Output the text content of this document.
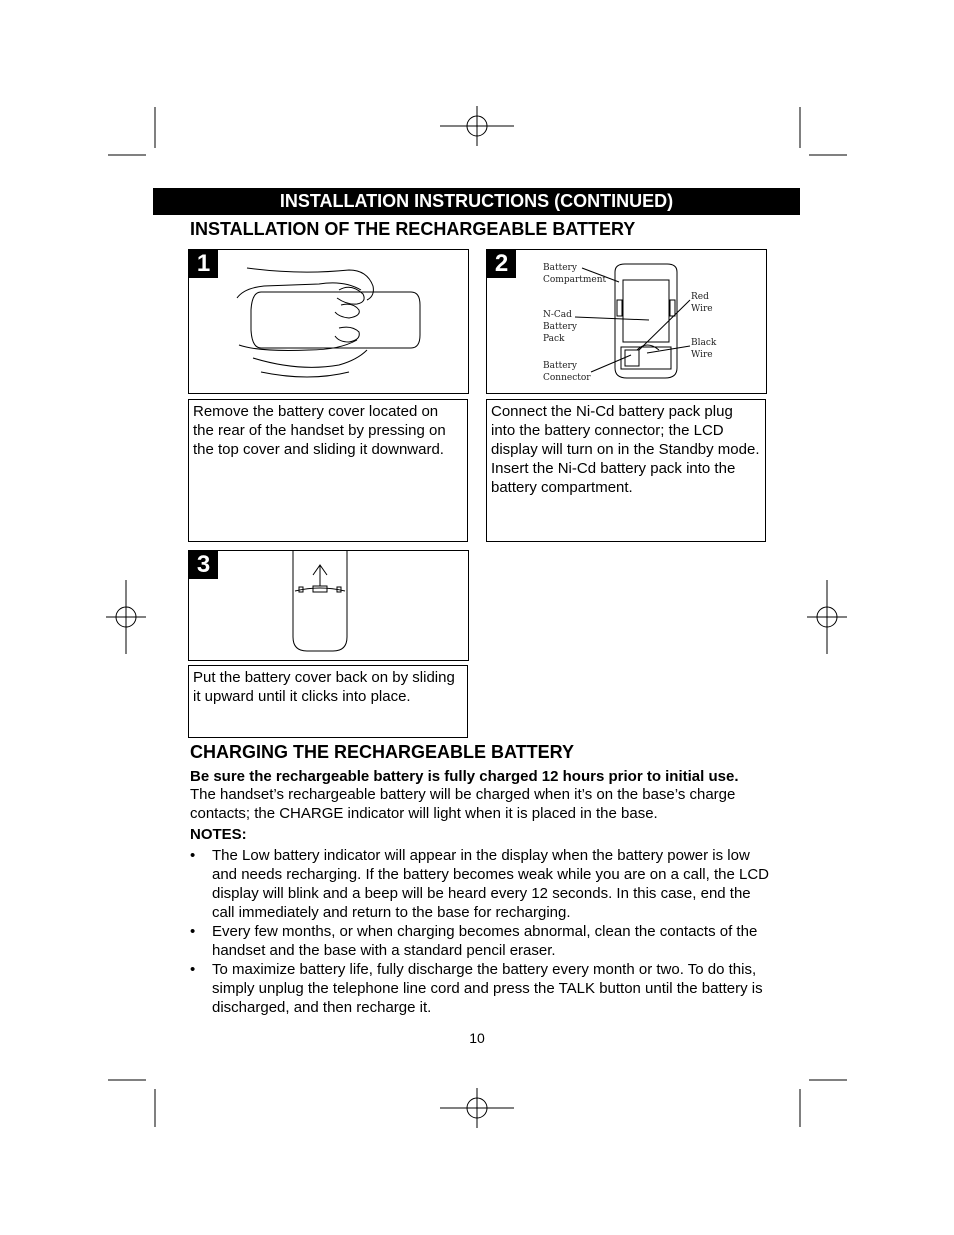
INSTALLATION INSTRUCTIONS (CONTINUED)
INSTALLATION OF THE RECHARGEABLE BATTERY
1	2	Battery
Compartment
N-Cad
Battery
Pack
Battery
Connector
Red
Wire
Black
Wire

Remove the battery cover located on the rear of the handset by pressing on the top cover and sliding it downward.

Connect the Ni-Cd battery pack plug into the battery connector; the LCD display will turn on in the Standby mode.

Insert the Ni-Cd battery pack into the battery compartment.

3

Put the battery cover back on by sliding it upward until it clicks into place.

CHARGING THE RECHARGEABLE BATTERY
Be sure the rechargeable battery is fully charged 12 hours prior to initial use.
The handset’s rechargeable battery will be charged when it’s on the base’s charge contacts; the CHARGE indicator will light when it is placed in the base.
NOTES:
• The Low battery indicator will appear in the display when the battery power is low and needs recharging. If the battery becomes weak while you are on a call, the LCD display will blink and a beep will be heard every 12 seconds. In this case, end the call immediately and return to the base for recharging.
• Every few months, or when charging becomes abnormal, clean the contacts of the handset and the base with a standard pencil eraser.
• To maximize battery life, fully discharge the battery every month or two. To do this, simply unplug the telephone line cord and press the TALK button until the battery is discharged, and then recharge it.
10
